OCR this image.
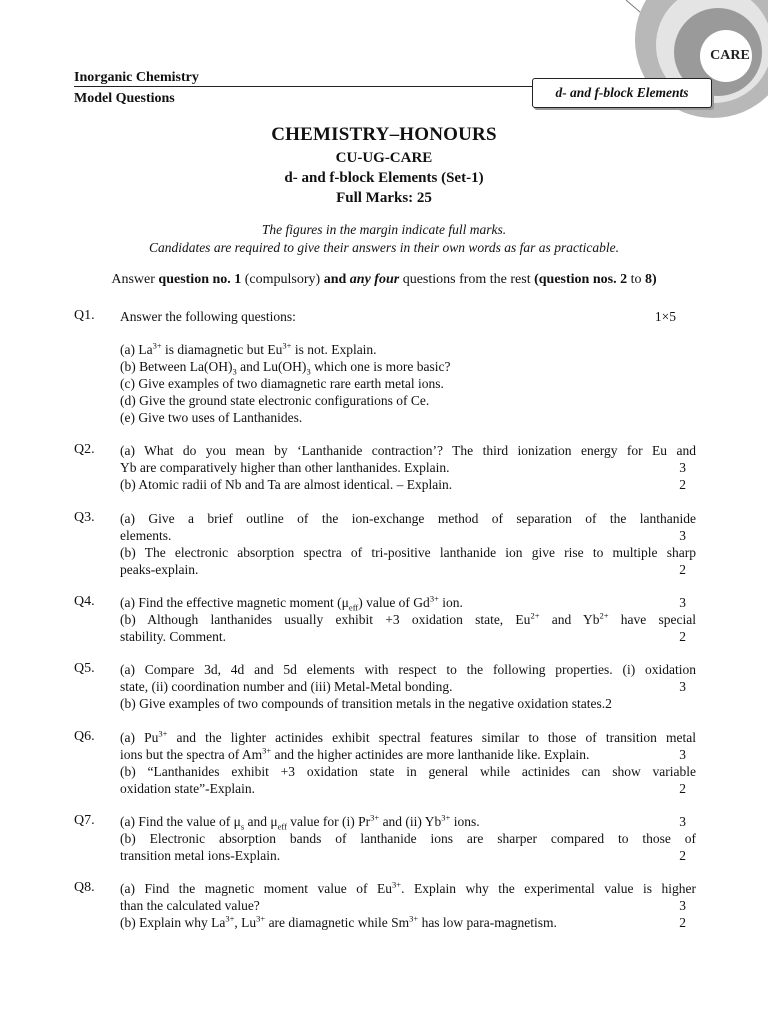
CARE
Inorganic Chemistry
Model Questions	d- and f-block Elements
CHEMISTRY–HONOURS
CU-UG-CARE
d- and f-block Elements (Set-1)
Full Marks: 25
The figures in the margin indicate full marks.
Candidates are required to give their answers in their own words as far as practicable.
Answer question no. 1 (compulsory) and any four questions from the rest (question nos. 2 to 8)
Q1. Answer the following questions:	1×5
(a) $La^{3+}$ is diamagnetic but $Eu^{3+}$ is not. Explain.
(b) Between $La(OH)_3$ and $Lu(OH)_3$ which one is more basic?
(c) Give examples of two diamagnetic rare earth metal ions.
(d) Give the ground state electronic configurations of Ce.
(e) Give two uses of Lanthanides.
Q2. (a) What do you mean by ‘Lanthanide contraction’? The third ionization energy for Eu and
Yb are comparatively higher than other lanthanides. Explain.	3
(b) Atomic radii of Nb and Ta are almost identical. – Explain.	2
Q3. (a) Give a brief outline of the ion-exchange method of separation of the lanthanide
elements.	3
(b) The electronic absorption spectra of tri-positive lanthanide ion give rise to multiple sharp
peaks-explain.	2
Q4. (a) Find the effective magnetic moment $(\mu_{eff})$ value of $Gd^{3+}$ ion.	3
(b) Although lanthanides usually exhibit +3 oxidation state, $Eu^{2+}$ and $Yb^{2+}$ have special
stability. Comment.	2
Q5. (a) Compare 3d, 4d and 5d elements with respect to the following properties. (i) oxidation
state, (ii) coordination number and (iii) Metal-Metal bonding.	3
(b) Give examples of two compounds of transition metals in the negative oxidation states.2
Q6. (a) $Pu^{3+}$ and the lighter actinides exhibit spectral features similar to those of transition metal
ions but the spectra of $Am^{3+}$ and the higher actinides are more lanthanide like. Explain.	3
(b) “Lanthanides exhibit +3 oxidation state in general while actinides can show variable
oxidation state”-Explain.	2
Q7. (a) Find the value of $\mu_s$ and $\mu_{eff}$ value for (i) $Pr^{3+}$ and (ii) $Yb^{3+}$ ions.	3
(b) Electronic absorption bands of lanthanide ions are sharper compared to those of
transition metal ions-Explain.	2
Q8. (a) Find the magnetic moment value of $Eu^{3+}$. Explain why the experimental value is higher
than the calculated value?	3
(b) Explain why $La^{3+}$, $Lu^{3+}$ are diamagnetic while $Sm^{3+}$ has low para-magnetism.	2
